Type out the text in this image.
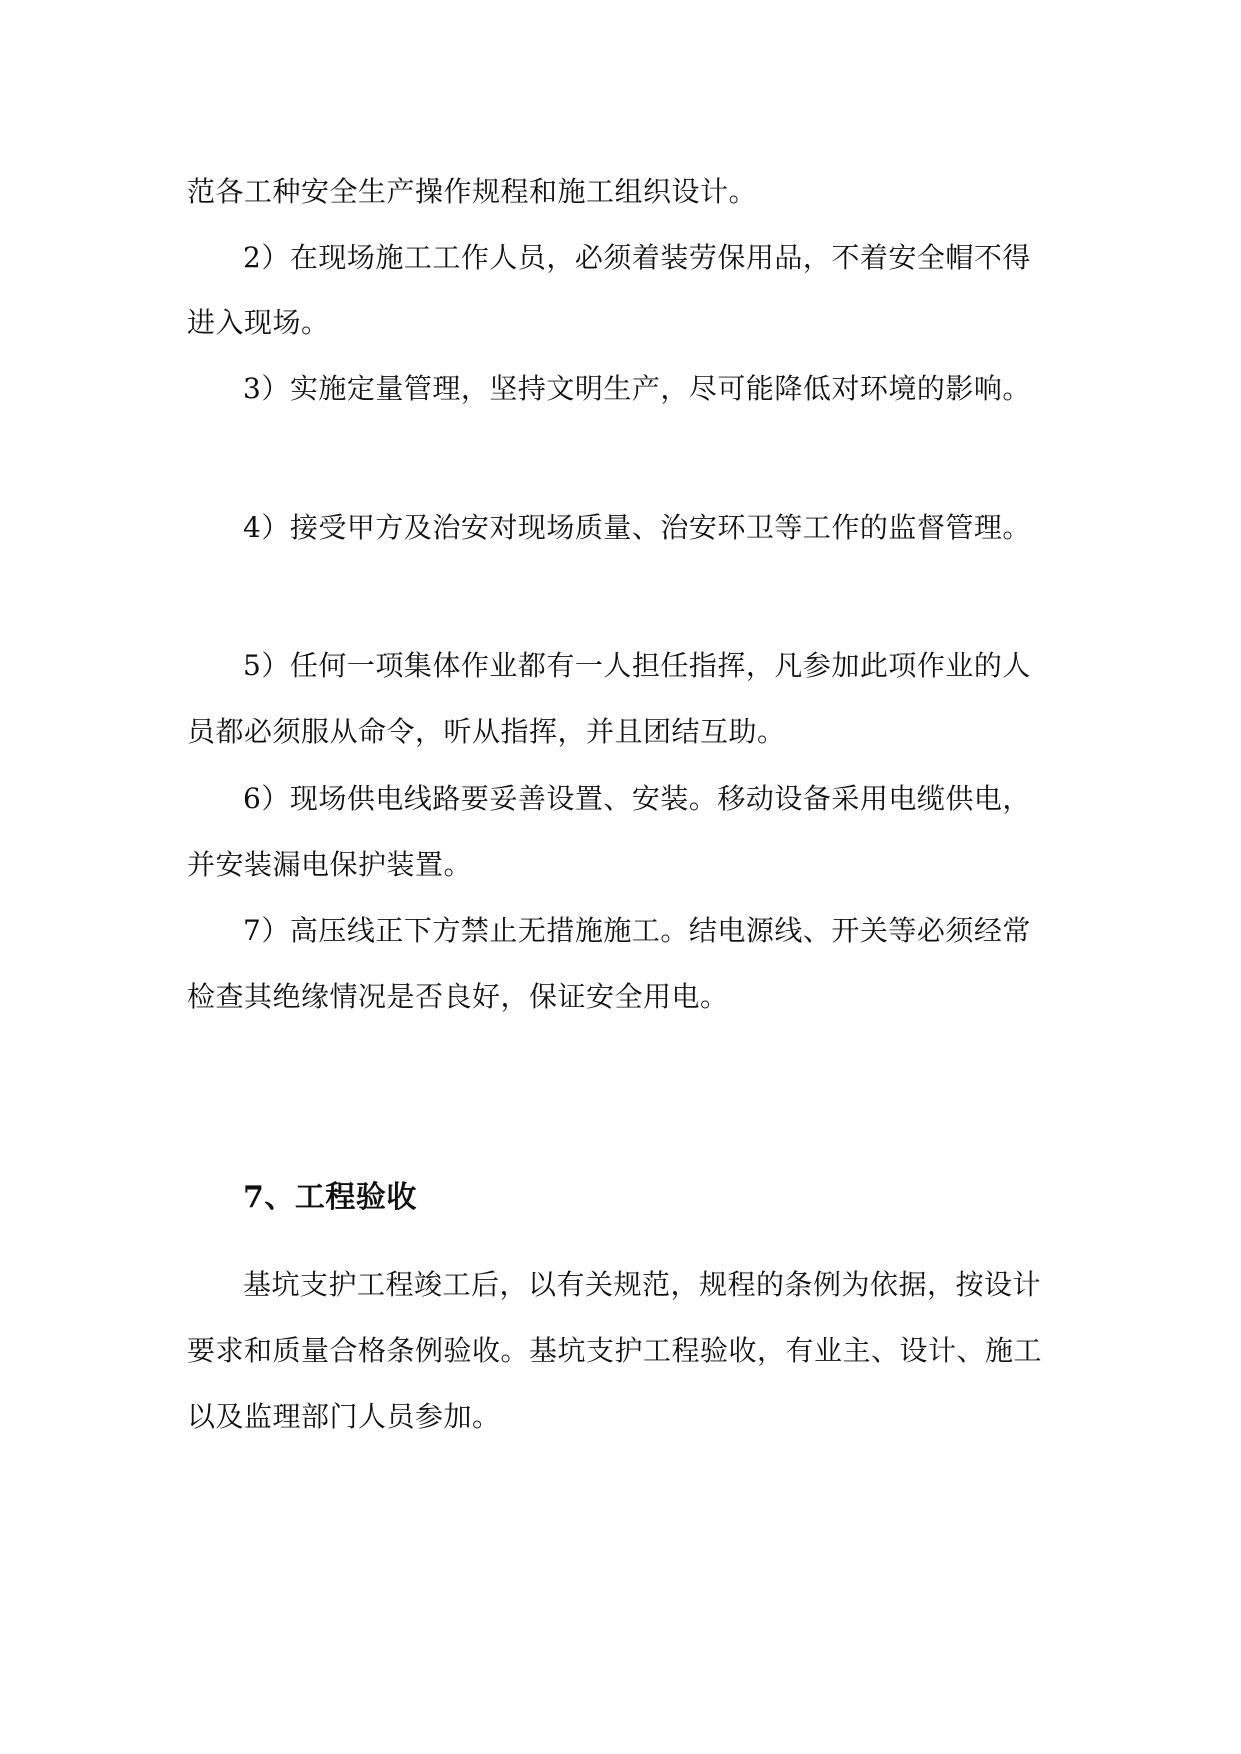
范各工种安全生产操作规程和施工组织设计。
2）在现场施工工作人员，必须着装劳保用品，不着安全帽不得
进入现场。
3）实施定量管理，坚持文明生产，尽可能降低对环境的影响。
4）接受甲方及治安对现场质量、治安环卫等工作的监督管理。
5）任何一项集体作业都有一人担任指挥，凡参加此项作业的人
员都必须服从命令，听从指挥，并且团结互助。
6）现场供电线路要妥善设置、安装。移动设备采用电缆供电，
并安装漏电保护装置。
7）高压线正下方禁止无措施施工。结电源线、开关等必须经常
检查其绝缘情况是否良好，保证安全用电。
7、工程验收
基坑支护工程竣工后，以有关规范，规程的条例为依据，按设计
要求和质量合格条例验收。基坑支护工程验收，有业主、设计、施工
以及监理部门人员参加。
